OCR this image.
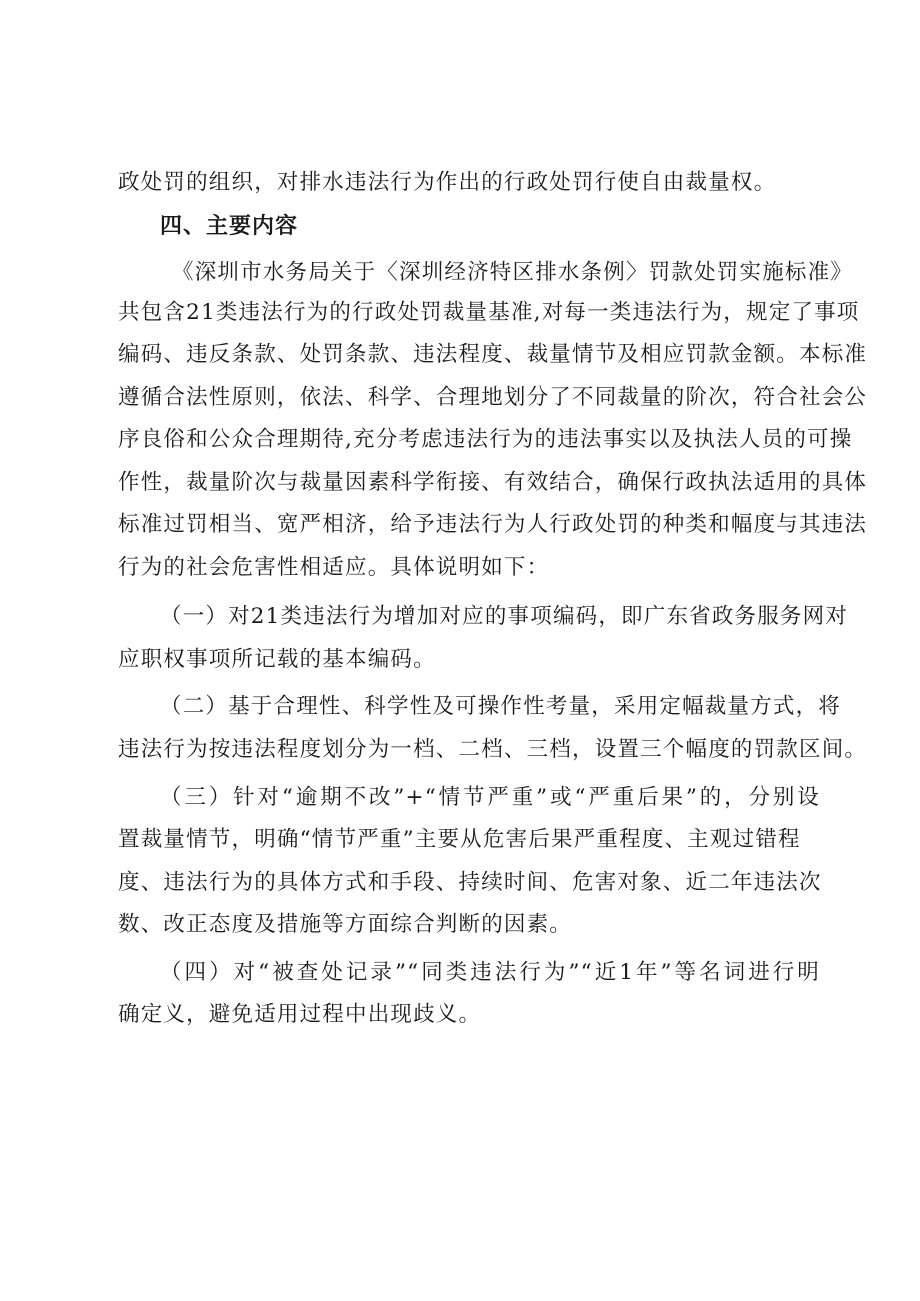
政处罚的组织，对排水违法行为作出的行政处罚行使自由裁量权。
四、主要内容
《深圳市水务局关于〈深圳经济特区排水条例〉罚款处罚实施标准》
共包含21类违法行为的行政处罚裁量基准,对每一类违法行为，规定了事项
编码、违反条款、处罚条款、违法程度、裁量情节及相应罚款金额。本标准
遵循合法性原则，依法、科学、合理地划分了不同裁量的阶次，符合社会公
序良俗和公众合理期待,充分考虑违法行为的违法事实以及执法人员的可操
作性，裁量阶次与裁量因素科学衔接、有效结合，确保行政执法适用的具体
标准过罚相当、宽严相济，给予违法行为人行政处罚的种类和幅度与其违法
行为的社会危害性相适应。具体说明如下：
（一）对21类违法行为增加对应的事项编码，即广东省政务服务网对
应职权事项所记载的基本编码。
（二）基于合理性、科学性及可操作性考量，采用定幅裁量方式，将
违法行为按违法程度划分为一档、二档、三档，设置三个幅度的罚款区间。
（三）针对“逾期不改”+“情节严重”或“严重后果”的，分别设
置裁量情节，明确“情节严重”主要从危害后果严重程度、主观过错程
度、违法行为的具体方式和手段、持续时间、危害对象、近二年违法次
数、改正态度及措施等方面综合判断的因素。
（四）对“被查处记录”“同类违法行为”“近1年”等名词进行明
确定义，避免适用过程中出现歧义。
